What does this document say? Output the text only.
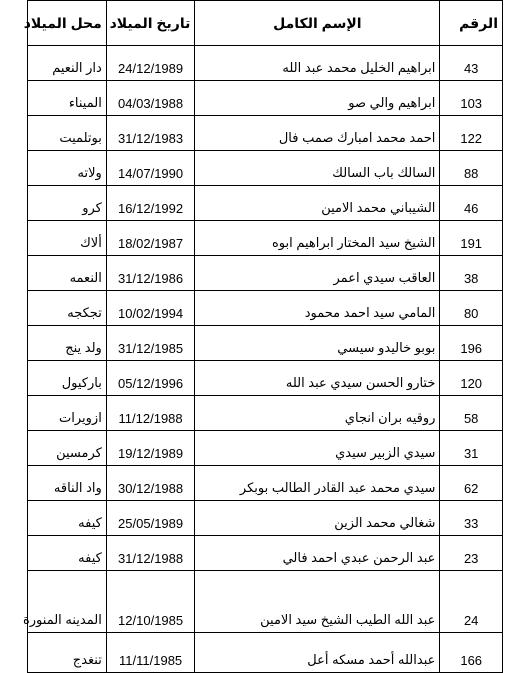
الرقم	الإسم الكامل	تاريخ الميلاد	محل الميلاد
43	ابراهيم الخليل محمد عبد الله	24/12/1989	دار النعيم
103	ابراهيم والي صو	04/03/1988	الميناء
122	احمد محمد امبارك صمب فال	31/12/1983	بوتلميت
88	السالك باب السالك	14/07/1990	ولاته
46	الشيباني محمد الامين	16/12/1992	كرو
191	الشيخ سيد المختار ابراهيم ابوه	18/02/1987	ألاك
38	العاقب سيدي اعمر	31/12/1986	النعمه
80	المامي سيد احمد محمود	10/02/1994	تجكجه
196	بوبو خاليدو سيسي	31/12/1985	ولد ينج
120	ختارو الحسن سيدي عبد الله	05/12/1996	باركيول
58	روقيه بران انجاي	11/12/1988	ازويرات
31	سيدي الزبير سيدي	19/12/1989	كرمسين
62	سيدي محمد عبد القادر الطالب بوبكر	30/12/1988	واد الناقه
33	شغالي محمد الزين	25/05/1989	كيفه
23	عبد الرحمن عبدي احمد فالي	31/12/1988	كيفه
24	عبد الله الطيب الشيخ سيد الامين	12/10/1985	المدينه المنورة
166	عبدالله أحمد مسكه أعل	11/11/1985	تنغدج
